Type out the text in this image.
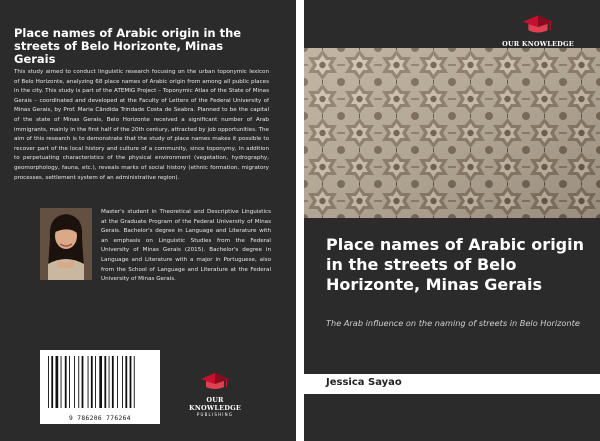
Place names of Arabic origin in the streets of Belo Horizonte, Minas Gerais
This study aimed to conduct linguistic research focusing on the urban toponymic lexicon of Belo Horizonte, analyzing 68 place names of Arabic origin from among all public places in the city. This study is part of the ATEMIG Project – Toponymic Atlas of the State of Minas Gerais – coordinated and developed at the Faculty of Letters of the Federal University of Minas Gerais, by Prof. Maria Cândida Trindade Costa de Seabra. Planned to be the capital of the state of Minas Gerais, Belo Horizonte received a significant number of Arab immigrants, mainly in the first half of the 20th century, attracted by job opportunities. The aim of this research is to demonstrate that the study of place names makes it possible to recover part of the local history and culture of a community, since toponymy, in addition to perpetuating characteristics of the physical environment (vegetation, hydrography, geomorphology, fauna, etc.), reveals marks of social history (ethnic formation, migratory processes, settlement system of an administrative region).
Master's student in Theoretical and Descriptive Linguistics at the Graduate Program of the Federal University of Minas Gerais. Bachelor's degree in Language and Literature with an emphasis on Linguistic Studies from the Federal University of Minas Gerais (2015). Bachelor's degree in Language and Literature with a major in Portuguese, also from the School of Language and Literature at the Federal University of Minas Gerais.
9 786206 776264
OUR KNOWLEDGE
PUBLISHING
OUR KNOWLEDGE
Place names of Arabic origin in the streets of Belo Horizonte, Minas Gerais
The Arab influence on the naming of streets in Belo Horizonte
Jessica Sayao
